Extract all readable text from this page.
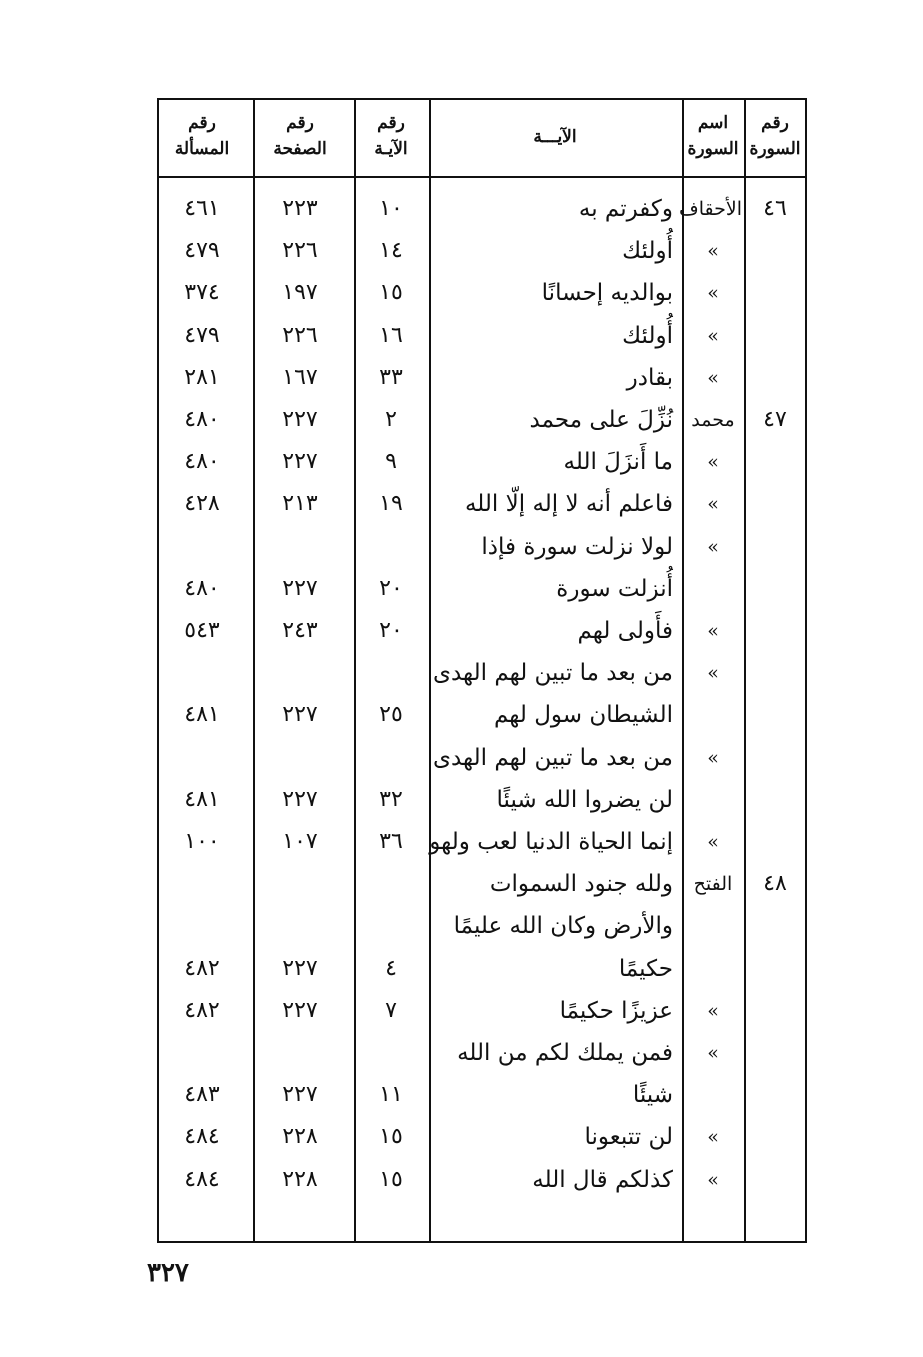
رقم
السورة
اسم
السورة
الآيـــة
رقم
الآيـة
رقم
الصفحة
رقم
المسألة
٤٦
الأحقاف
وكفرتم به
١٠
٢٢٣
٤٦١
»
أُولئك
١٤
٢٢٦
٤٧٩
»
بوالديه إحسانًا
١٥
١٩٧
٣٧٤
»
أُولئك
١٦
٢٢٦
٤٧٩
»
بقادر
٣٣
١٦٧
٢٨١
٤٧
محمد
نُزِّلَ على محمد
٢
٢٢٧
٤٨٠
»
ما أَنزَلَ الله
٩
٢٢٧
٤٨٠
»
فاعلم أنه لا إله إلّا الله
١٩
٢١٣
٤٢٨
»
لولا نزلت سورة فإذا
أُنزلت سورة
٢٠
٢٢٧
٤٨٠
»
فأَولى لهم
٢٠
٢٤٣
٥٤٣
»
من بعد ما تبين لهم الهدى
الشيطان سول لهم
٢٥
٢٢٧
٤٨١
»
من بعد ما تبين لهم الهدى
لن يضروا الله شيئًا
٣٢
٢٢٧
٤٨١
»
إنما الحياة الدنيا لعب ولهو
٣٦
١٠٧
١٠٠
٤٨
الفتح
ولله جنود السموات
والأرض وكان الله عليمًا
حكيمًا
٤
٢٢٧
٤٨٢
»
عزيزًا حكيمًا
٧
٢٢٧
٤٨٢
»
فمن يملك لكم من الله
شيئًا
١١
٢٢٧
٤٨٣
»
لن تتبعونا
١٥
٢٢٨
٤٨٤
»
كذلكم قال الله
١٥
٢٢٨
٤٨٤
٣٢٧
